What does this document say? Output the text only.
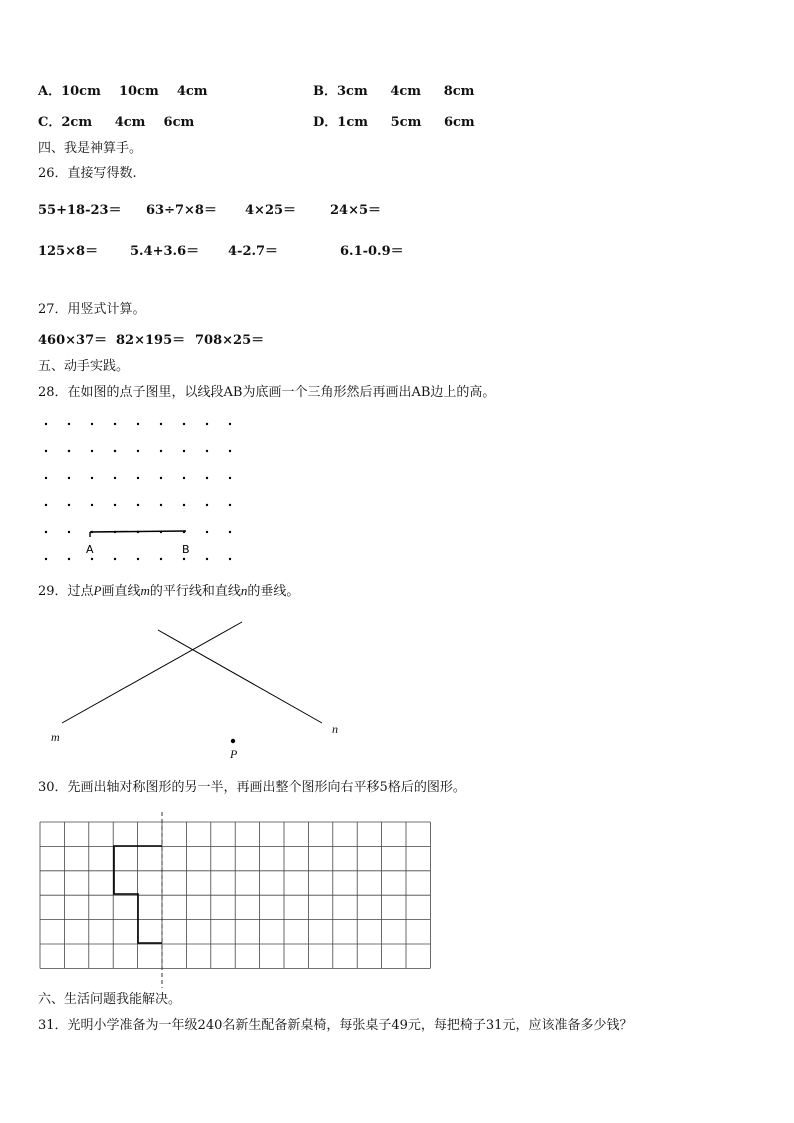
A．10cm    10cm    4cm	B．3cm     4cm     8cm
C．2cm     4cm    6cm	D．1cm     5cm     6cm
四、我是神算手。
26．直接写得数.
55+18-23＝ 63÷7×8＝ 4×25＝	24×5＝
125×8＝ 5.4+3.6＝ 4-2.7＝	6.1-0.9＝
27．用竖式计算。
460×37＝ 82×195＝ 708×25＝
五、动手实践。
28．在如图的点子图里，以线段AB为底画一个三角形然后再画出AB边上的高。
A	B
29．过点P画直线m的平行线和直线n的垂线。
m
n
P
30．先画出轴对称图形的另一半，再画出整个图形向右平移5格后的图形。
六、生活问题我能解决。
31．光明小学准备为一年级240名新生配备新桌椅，每张桌子49元，每把椅子31元，应该准备多少钱？
